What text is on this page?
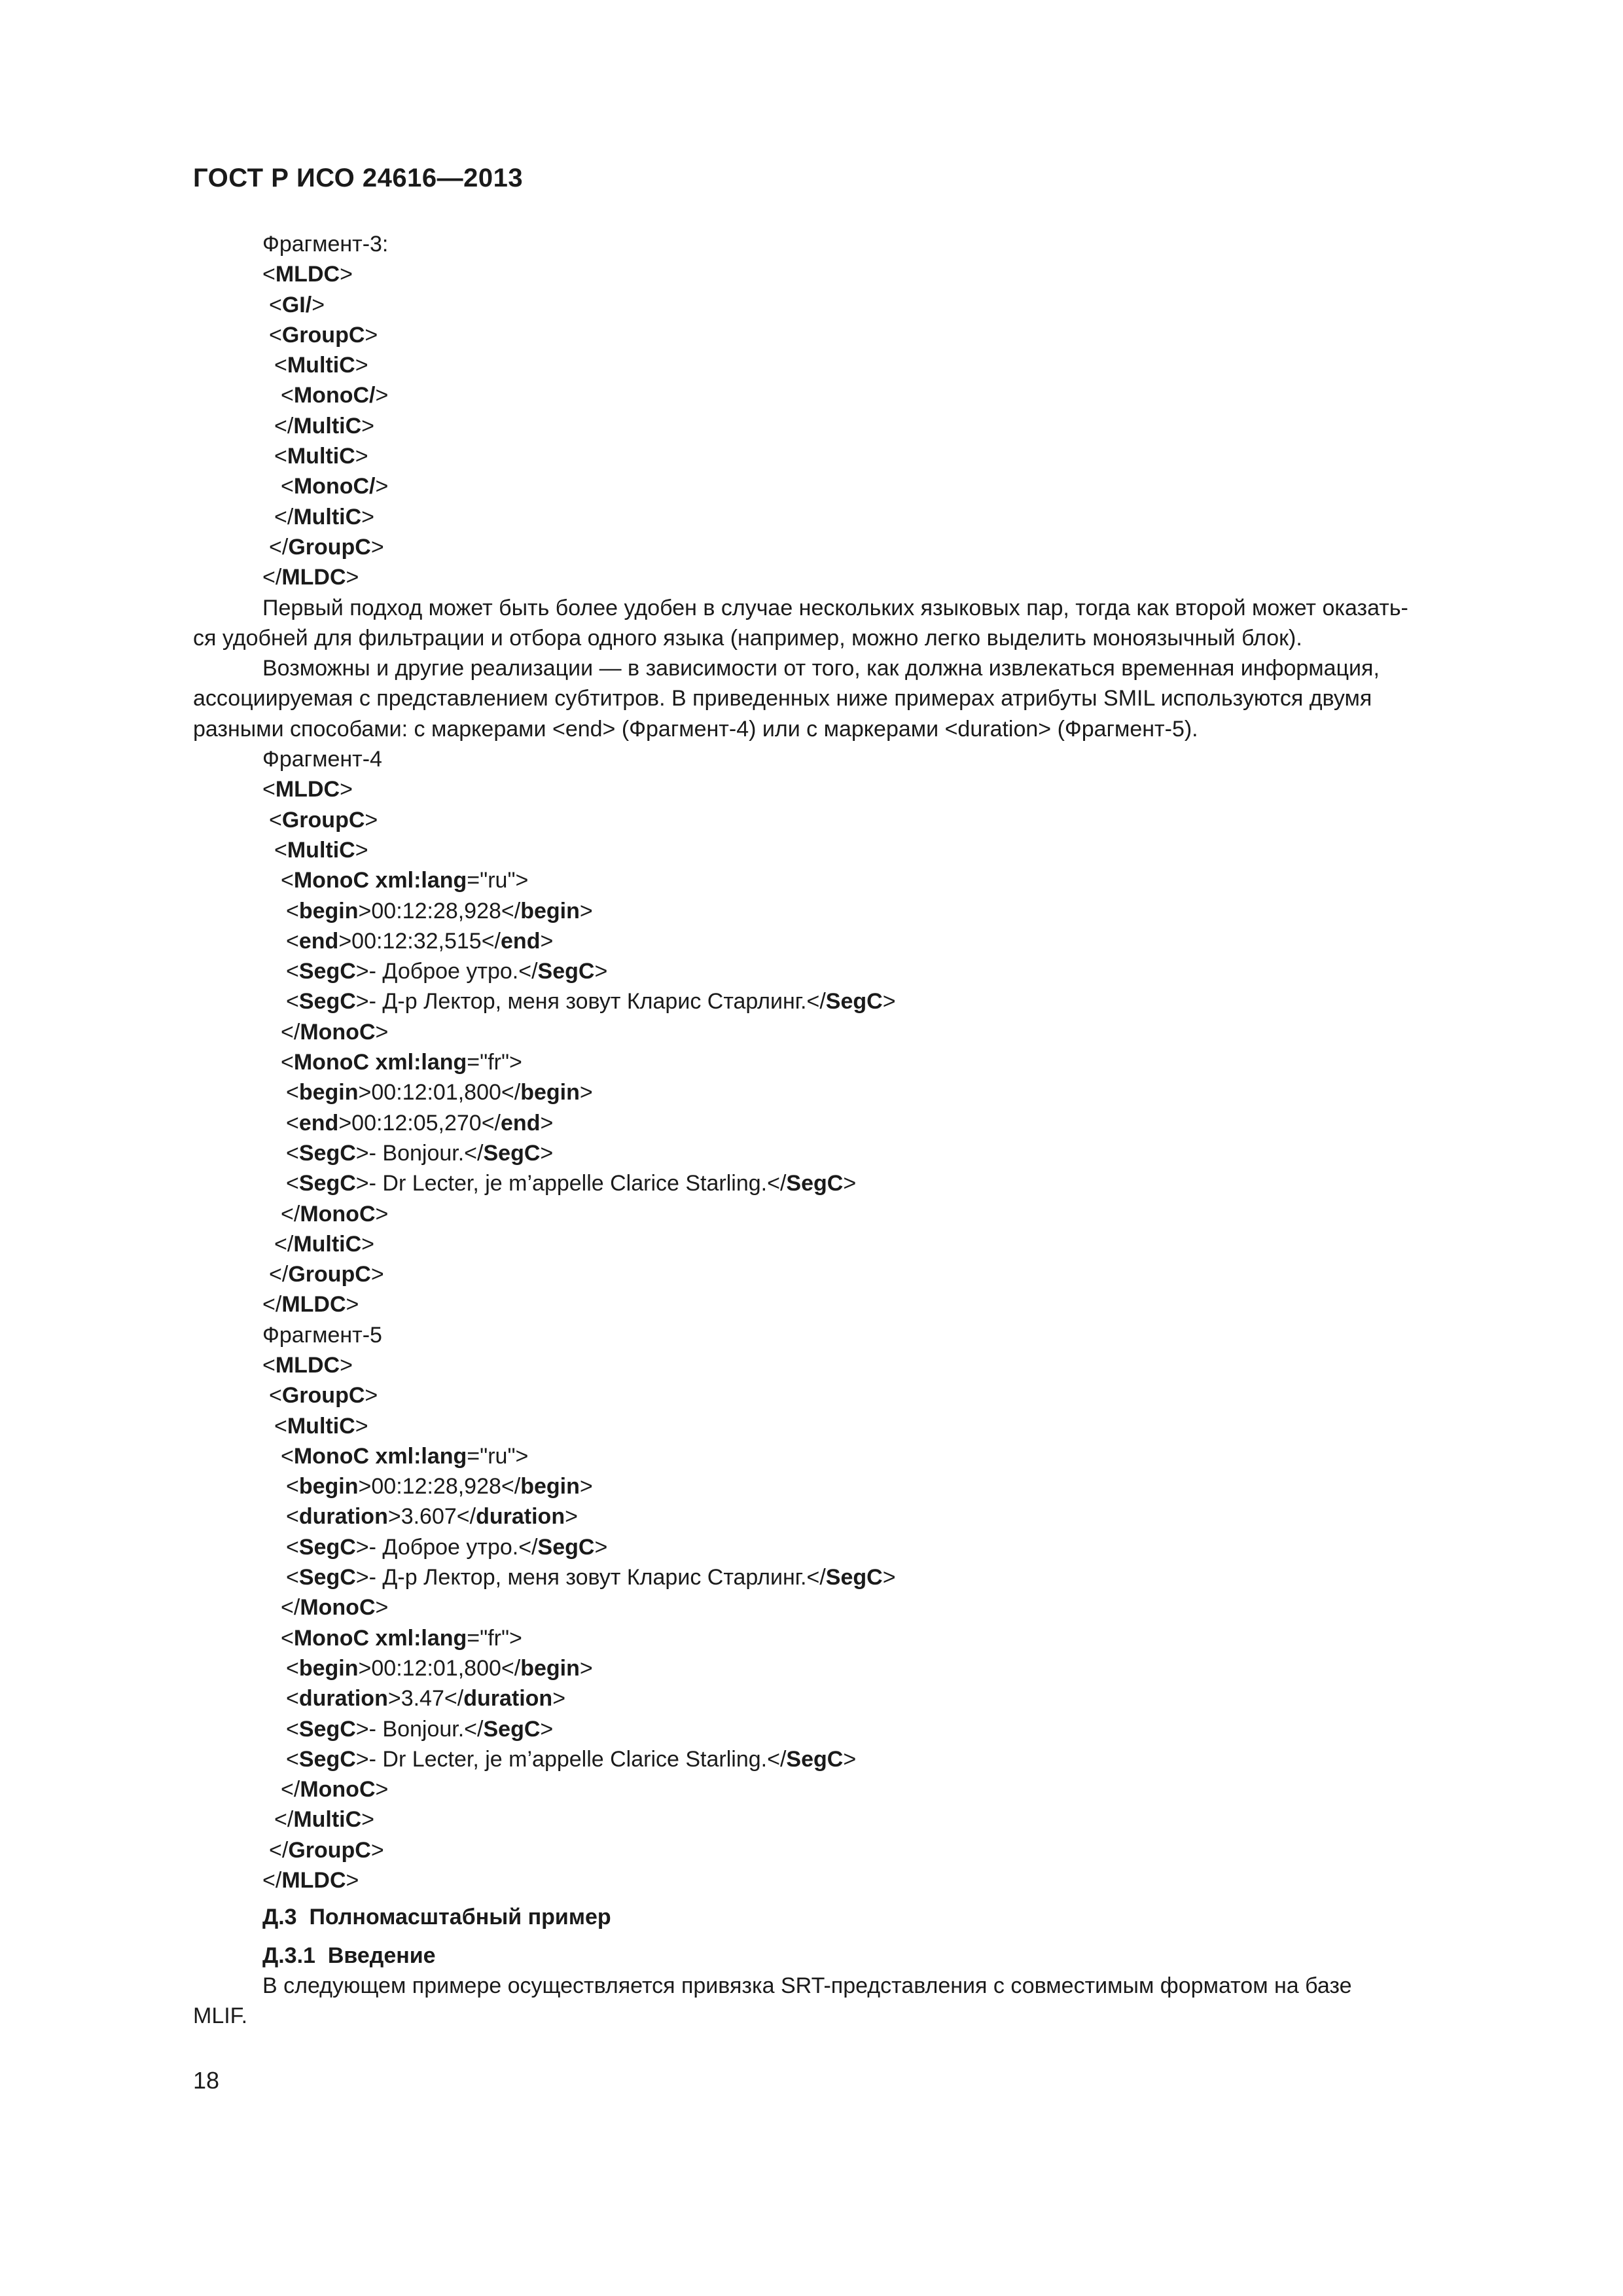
ГОСТ Р ИСО 24616—2013
Фрагмент-3:
<MLDC>
<GI/>
<GroupC>
<MultiC>
<MonoC/>
</MultiC>
<MultiC>
<MonoC/>
</MultiC>
</GroupC>
</MLDC>
Первый подход может быть более удобен в случае нескольких языковых пар, тогда как второй может оказать-
ся удобней для фильтрации и отбора одного языка (например, можно легко выделить моноязычный блок).
Возможны и другие реализации — в зависимости от того, как должна извлекаться временная информация,
ассоциируемая с представлением субтитров. В приведенных ниже примерах атрибуты SMIL используются двумя
разными способами: с маркерами <end> (Фрагмент-4) или с маркерами <duration> (Фрагмент-5).
Фрагмент-4
<MLDC>
<GroupC>
<MultiC>
<MonoC xml:lang="ru">
<begin>00:12:28,928</begin>
<end>00:12:32,515</end>
<SegC>- Доброе утро.</SegC>
<SegC>- Д-р Лектор, меня зовут Кларис Старлинг.</SegC>
</MonoC>
<MonoC xml:lang="fr">
<begin>00:12:01,800</begin>
<end>00:12:05,270</end>
<SegC>- Bonjour.</SegC>
<SegC>- Dr Lecter, je m’appelle Clarice Starling.</SegC>
</MonoC>
</MultiC>
</GroupC>
</MLDC>
Фрагмент-5
<MLDC>
<GroupC>
<MultiC>
<MonoC xml:lang="ru">
<begin>00:12:28,928</begin>
<duration>3.607</duration>
<SegC>- Доброе утро.</SegC>
<SegC>- Д-р Лектор, меня зовут Кларис Старлинг.</SegC>
</MonoC>
<MonoC xml:lang="fr">
<begin>00:12:01,800</begin>
<duration>3.47</duration>
<SegC>- Bonjour.</SegC>
<SegC>- Dr Lecter, je m’appelle Clarice Starling.</SegC>
</MonoC>
</MultiC>
</GroupC>
</MLDC>
Д.3  Полномасштабный пример
Д.3.1  Введение
В следующем примере осуществляется привязка SRT-представления с совместимым форматом на базе
MLIF.
18
